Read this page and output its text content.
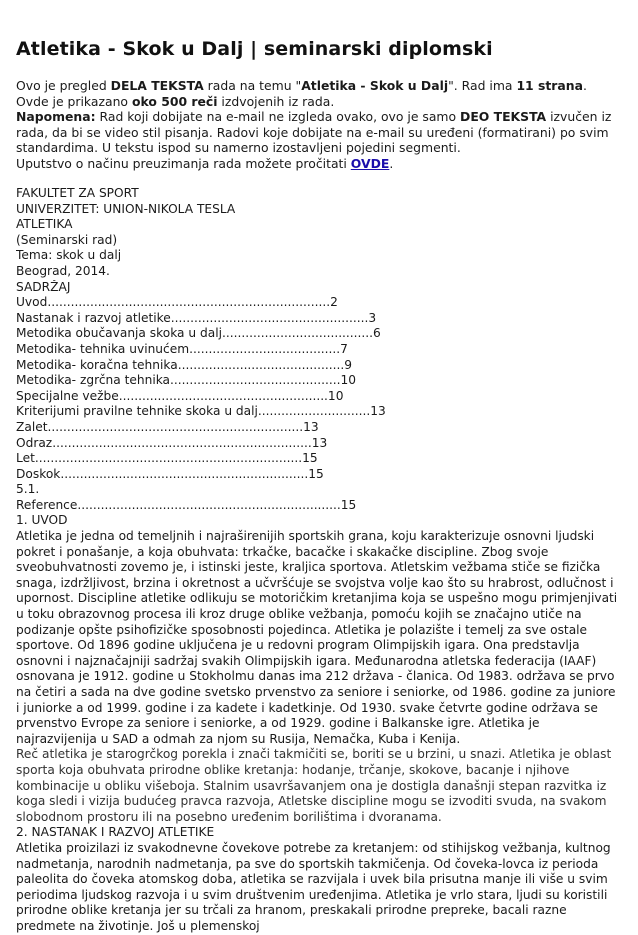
Atletika - Skok u Dalj | seminarski diplomski

Ovo je pregled DELA TEKSTA rada na temu "Atletika - Skok u Dalj". Rad ima 11 strana. Ovde je prikazano oko 500 reči izdvojenih iz rada.

Napomena: Rad koji dobijate na e-mail ne izgleda ovako, ovo je samo DEO TEKSTA izvučen iz rada, da bi se video stil pisanja. Radovi koje dobijate na e-mail su uređeni (formatirani) po svim standardima. U tekstu ispod su namerno izostavljeni pojedini segmenti.

Uputstvo o načinu preuzimanja rada možete pročitati OVDE.

FAKULTET ZA SPORT
UNIVERZITET: UNION-NIKOLA TESLA
ATLETIKA
(Seminarski rad)
Tema: skok u dalj
Beograd, 2014.
SADRŽAJ
Uvod.........................................................................2
Nastanak i razvoj atletike...................................................3
Metodika obučavanja skoka u dalj.......................................6
Metodika- tehnika uvinućem.......................................7
Metodika- koračna tehnika...........................................9
Metodika- zgrčna tehnika............................................10
Specijalne vežbe......................................................10
Kriterijumi pravilne tehnike skoka u dalj.............................13
Zalet..................................................................13
Odraz...................................................................13
Let.....................................................................15
Doskok................................................................15
5.1.
Reference....................................................................15
1. UVOD

Atletika je jedna od temeljnih i najraširenijih sportskih grana, koju karakterizuje osnovni ljudski pokret i ponašanje, a koja obuhvata: trkačke, bacačke i skakačke discipline. Zbog svoje sveobuhvatnosti zovemo je, i istinski jeste, kraljica sportova. Atletskim vežbama stiče se fizička snaga, izdržljivost, brzina i okretnost a učvršćuje se svojstva volje kao što su hrabrost, odlučnost i upornost. Discipline atletike odlikuju se motoričkim kretanjima koja se uspešno mogu primjenjivati u toku obrazovnog procesa ili kroz druge oblike vežbanja, pomoću kojih se značajno utiče na podizanje opšte psihofizičke sposobnosti pojedinca. Atletika je polazište i temelj za sve ostale sportove. Od 1896 godine uključena je u redovni program Olimpijskih igara. Ona predstavlja osnovni i najznačajniji sadržaj svakih Olimpijskih igara. Međunarodna atletska federacija (IAAF) osnovana je 1912. godine u Stokholmu danas ima 212 država - članica. Od 1983. održava se prvo na četiri a sada na dve godine svetsko prvenstvo za seniore i seniorke, od 1986. godine za juniore i juniorke a od 1999. godine i za kadete i kadetkinje. Od 1930. svake četvrte godine održava se prvenstvo Evrope za seniore i seniorke, a od 1929. godine i Balkanske igre. Atletika je najrazvijenija u SAD a odmah za njom su Rusija, Nemačka, Kuba i Kenija.

Reč atletika je starogrčkog porekla i znači takmičiti se, boriti se u brzini, u snazi. Atletika je oblast sporta koja obuhvata prirodne oblike kretanja: hodanje, trčanje, skokove, bacanje i njihove kombinacije u obliku višeboja. Stalnim usavršavanjem ona je dostigla današnji stepan razvitka iz koga sledi i vizija budućeg pravca razvoja, Atletske discipline mogu se izvoditi svuda, na svakom slobodnom prostoru ili na posebno uređenim borilištima i dvoranama.

2. NASTANAK I RAZVOJ ATLETIKE

Atletika proizilazi iz svakodnevne čovekove potrebe za kretanjem: od stihijskog vežbanja, kultnog nadmetanja, narodnih nadmetanja, pa sve do sportskih takmičenja. Od čoveka-lovca iz perioda paleolita do čoveka atomskog doba, atletika se razvijala i uvek bila prisutna manje ili više u svim periodima ljudskog razvoja i u svim društvenim uređenjima. Atletika je vrlo stara, ljudi su koristili prirodne oblike kretanja jer su trčali za hranom, preskakali prirodne prepreke, bacali razne predmete na životinje. Još u plemenskoj
